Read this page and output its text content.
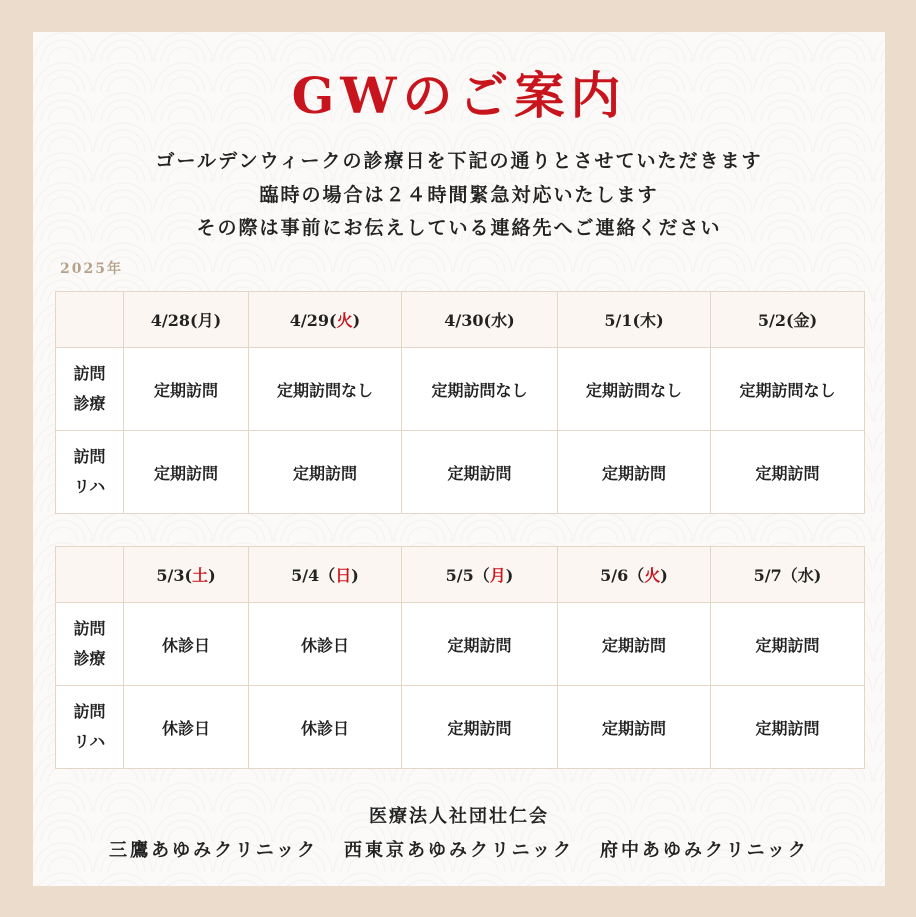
GWのご案内

ゴールデンウィークの診療日を下記の通りとさせていただきます

臨時の場合は２４時間緊急対応いたします

その際は事前にお伝えしている連絡先へご連絡ください

2025年
	4/28(月)	4/29(火)	4/30(水)	5/1(木)	5/2(金)
訪問
診療	定期訪問	定期訪問なし	定期訪問なし	定期訪問なし	定期訪問なし
訪問
リハ	定期訪問	定期訪問	定期訪問	定期訪問	定期訪問
	5/3(土)	5/4（日)	5/5（月)	5/6（火)	5/7（水)
訪問
診療	休診日	休診日	定期訪問	定期訪問	定期訪問
訪問
リハ	休診日	休診日	定期訪問	定期訪問	定期訪問

医療法人社団壮仁会

三鷹あゆみクリニック 西東京あゆみクリニック 府中あゆみクリニック
